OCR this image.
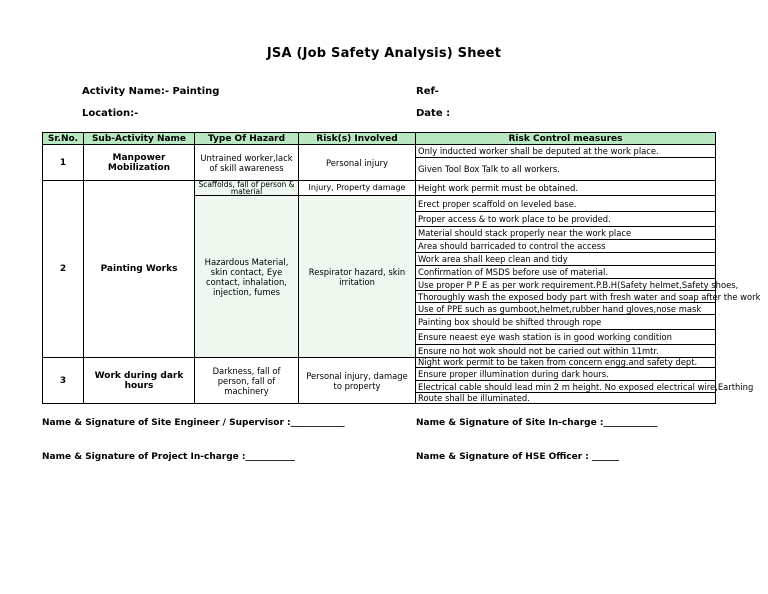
JSA (Job Safety Analysis) Sheet
Activity Name:- Painting
Location:-
Ref-
Date :
Sr.No.	Sub-Activity Name	Type Of Hazard	Risk(s) Involved	Risk Control measures
1	Manpower Mobilization	Untrained worker,lack of skill awareness	Personal injury	Only inducted worker shall be deputed at the work place.
				Given Tool Box Talk to all workers.
2	Painting Works	Scaffolds, fall of person & material	Injury, Property damage	Height work permit must be obtained.
		Hazardous Material, skin contact, Eye contact, inhalation, injection, fumes	Respirator hazard, skin irritation	Erect proper scaffold on leveled base.
				Proper access & to work place to be provided.
				Material should stack properly near the work place
				Area should barricaded to control the access
				Work area shall keep clean and tidy
				Confirmation of MSDS before use of material.
				Use proper P P E as per work requirement.P.B.H(Safety helmet,Safety shoes,
				Thoroughly wash the exposed body part with fresh water and soap after the work
				Use of PPE such as gumboot,helmet,rubber hand gloves,nose mask
				Painting box should be shifted through rope
				Ensure neaest eye wash station is in good working condition
				Ensure no hot wok should not be caried out within 11mtr.
3	Work during dark hours	Darkness, fall of person, fall of machinery	Personal injury, damage to property	Night work permit to be taken from concern engg.and safety dept.
				Ensure proper illumination during dark hours.
				Electrical cable should lead min 2 m height. No exposed electrical wire,Earthing
				Route shall be illuminated.
Name & Signature of Site Engineer / Supervisor :____________	Name & Signature of Site In-charge :____________
Name & Signature of Project In-charge :___________	Name & Signature of HSE Officer : ______
